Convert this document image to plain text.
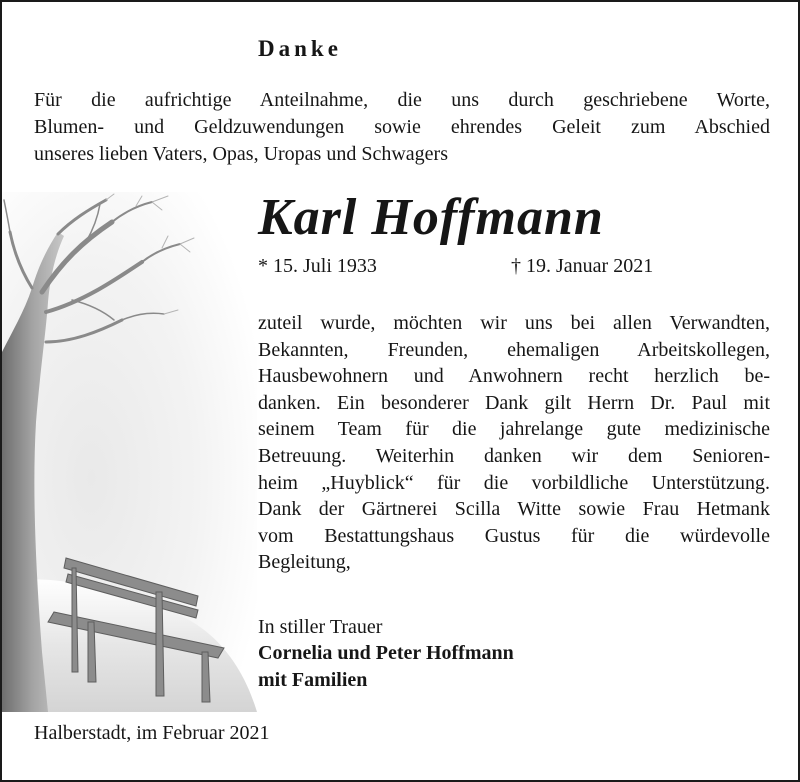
Danke
Für die aufrichtige Anteilnahme, die uns durch geschriebene Worte,
Blumen- und Geldzuwendungen sowie ehrendes Geleit zum Abschied
unseres lieben Vaters, Opas, Uropas und Schwagers
Karl Hoffmann
* 15. Juli 1933	† 19. Januar 2021
zuteil wurde, möchten wir uns bei allen Verwandten,
Bekannten, Freunden, ehemaligen Arbeitskollegen,
Hausbewohnern und Anwohnern recht herzlich be-
danken. Ein besonderer Dank gilt Herrn Dr. Paul mit
seinem Team für die jahrelange gute medizinische
Betreuung. Weiterhin danken wir dem Senioren-
heim „Huyblick“ für die vorbildliche Unterstützung.
Dank der Gärtnerei Scilla Witte sowie Frau Hetmank
vom Bestattungshaus Gustus für die würdevolle
Begleitung,
In stiller Trauer
Cornelia und Peter Hoffmann
mit Familien
Halberstadt, im Februar 2021
